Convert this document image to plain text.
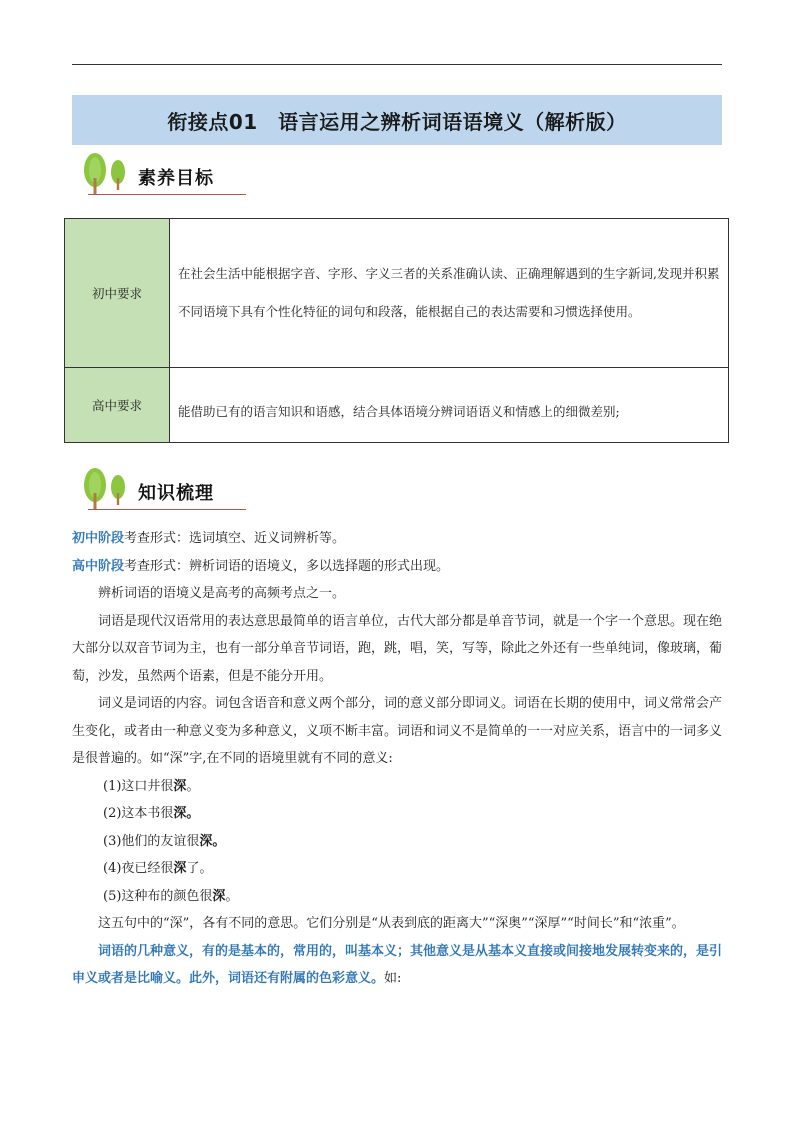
衔接点01　语言运用之辨析词语语境义（解析版）
素养目标
初中要求	在社会生活中能根据字音、字形、字义三者的关系准确认读、正确理解遇到的生字新词,发现并积累不同语境下具有个性化特征的词句和段落，能根据自己的表达需要和习惯选择使用。
高中要求	能借助已有的语言知识和语感，结合具体语境分辨词语语义和情感上的细微差别;
知识梳理

初中阶段考查形式：选词填空、近义词辨析等。

高中阶段考查形式：辨析词语的语境义，多以选择题的形式出现。

辨析词语的语境义是高考的高频考点之一。

词语是现代汉语常用的表达意思最简单的语言单位，古代大部分都是单音节词，就是一个字一个意思。现在绝大部分以双音节词为主，也有一部分单音节词语，跑，跳，唱，笑，写等，除此之外还有一些单纯词，像玻璃，葡萄，沙发，虽然两个语素，但是不能分开用。

词义是词语的内容。词包含语音和意义两个部分，词的意义部分即词义。词语在长期的使用中，词义常常会产生变化，或者由一种意义变为多种意义，义项不断丰富。词语和词义不是简单的一一对应关系，语言中的一词多义是很普遍的。如“深”字,在不同的语境里就有不同的意义:

(1)这口井很深。

(2)这本书很深。

(3)他们的友谊很深。

(4)夜已经很深了。

(5)这种布的颜色很深。

这五句中的“深”，各有不同的意思。它们分别是“从表到底的距离大”“深奥”“深厚”“时间长”和“浓重”。

词语的几种意义，有的是基本的，常用的，叫基本义；其他意义是从基本义直接或间接地发展转变来的，是引申义或者是比喻义。此外，词语还有附属的色彩意义。如:
